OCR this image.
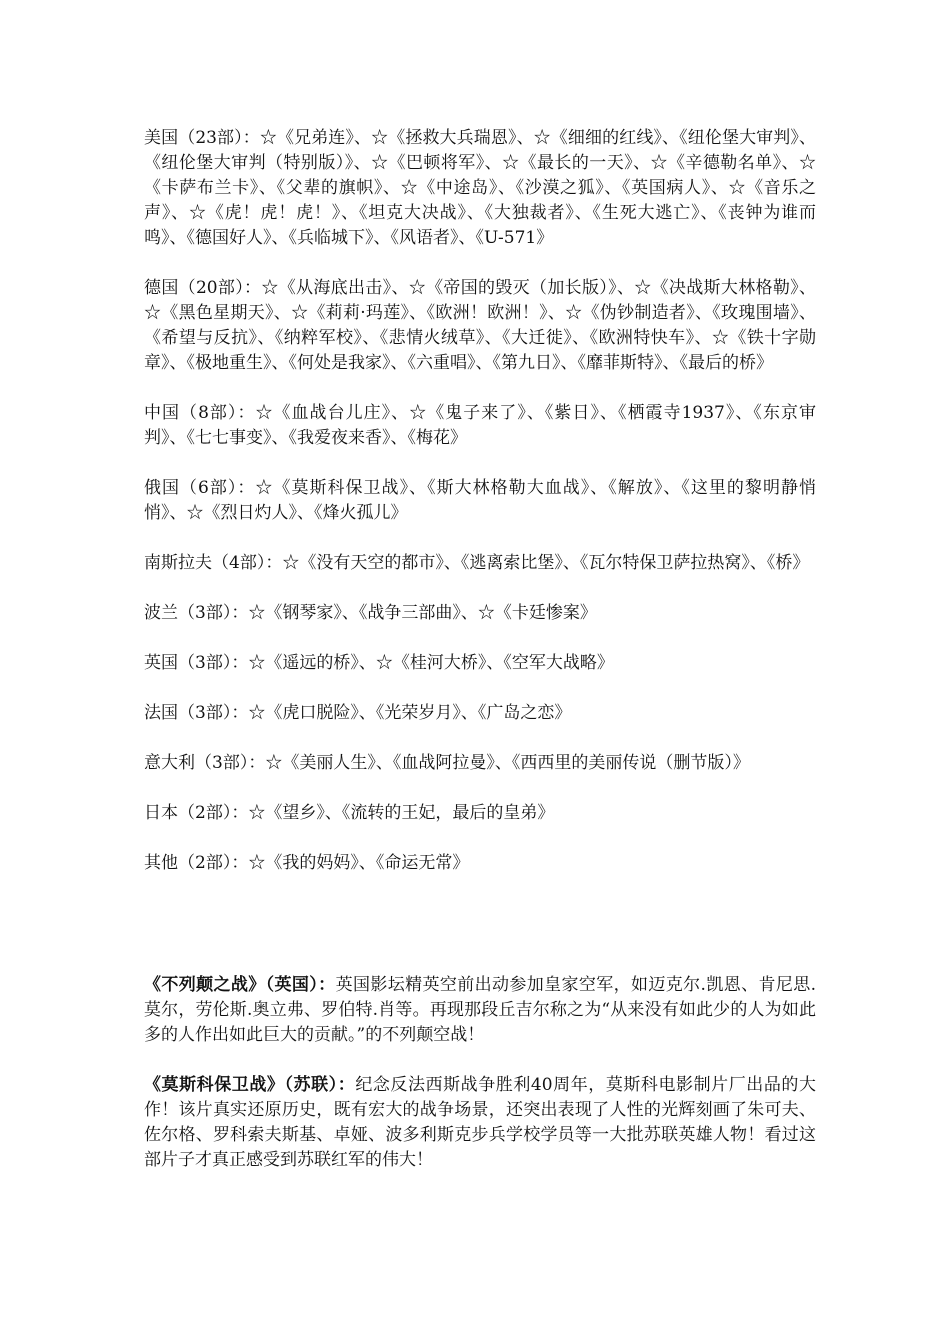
美国（23部）：☆《兄弟连》、☆《拯救大兵瑞恩》、☆《细细的红线》、《纽伦堡大审判》、《纽伦堡大审判（特别版）》、☆《巴顿将军》、☆《最长的一天》、☆《辛德勒名单》、☆《卡萨布兰卡》、《父辈的旗帜》、☆《中途岛》、《沙漠之狐》、《英国病人》、☆《音乐之声》、☆《虎！虎！虎！》、《坦克大决战》、《大独裁者》、《生死大逃亡》、《丧钟为谁而鸣》、《德国好人》、《兵临城下》、《风语者》、《U-571》

德国（20部）：☆《从海底出击》、☆《帝国的毁灭（加长版）》、☆《决战斯大林格勒》、☆《黑色星期天》、☆《莉莉·玛莲》、《欧洲！欧洲！》、☆《伪钞制造者》、《玫瑰围墙》、《希望与反抗》、《纳粹军校》、《悲情火绒草》、《大迁徙》、《欧洲特快车》、☆《铁十字勋章》、《极地重生》、《何处是我家》、《六重唱》、《第九日》、《靡菲斯特》、《最后的桥》

中国（8部）：☆《血战台儿庄》、☆《鬼子来了》、《紫日》、《栖霞寺1937》、《东京审判》、《七七事变》、《我爱夜来香》、《梅花》

俄国（6部）：☆《莫斯科保卫战》、《斯大林格勒大血战》、《解放》、《这里的黎明静悄悄》、☆《烈日灼人》、《烽火孤儿》

南斯拉夫（4部）：☆《没有天空的都市》、《逃离索比堡》、《瓦尔特保卫萨拉热窝》、《桥》

波兰（3部）：☆《钢琴家》、《战争三部曲》、☆《卡廷惨案》

英国（3部）：☆《遥远的桥》、☆《桂河大桥》、《空军大战略》

法国（3部）：☆《虎口脱险》、《光荣岁月》、《广岛之恋》

意大利（3部）：☆《美丽人生》、《血战阿拉曼》、《西西里的美丽传说（删节版）》

日本（2部）：☆《望乡》、《流转的王妃，最后的皇弟》

其他（2部）：☆《我的妈妈》、《命运无常》

《不列颠之战》（英国）：英国影坛精英空前出动参加皇家空军，如迈克尔.凯恩、肯尼思.莫尔，劳伦斯.奥立弗、罗伯特.肖等。再现那段丘吉尔称之为“从来没有如此少的人为如此多的人作出如此巨大的贡献。”的不列颠空战！

《莫斯科保卫战》（苏联）：纪念反法西斯战争胜利40周年，莫斯科电影制片厂出品的大作！该片真实还原历史，既有宏大的战争场景，还突出表现了人性的光辉刻画了朱可夫、佐尔格、罗科索夫斯基、卓娅、波多利斯克步兵学校学员等一大批苏联英雄人物！看过这部片子才真正感受到苏联红军的伟大！
